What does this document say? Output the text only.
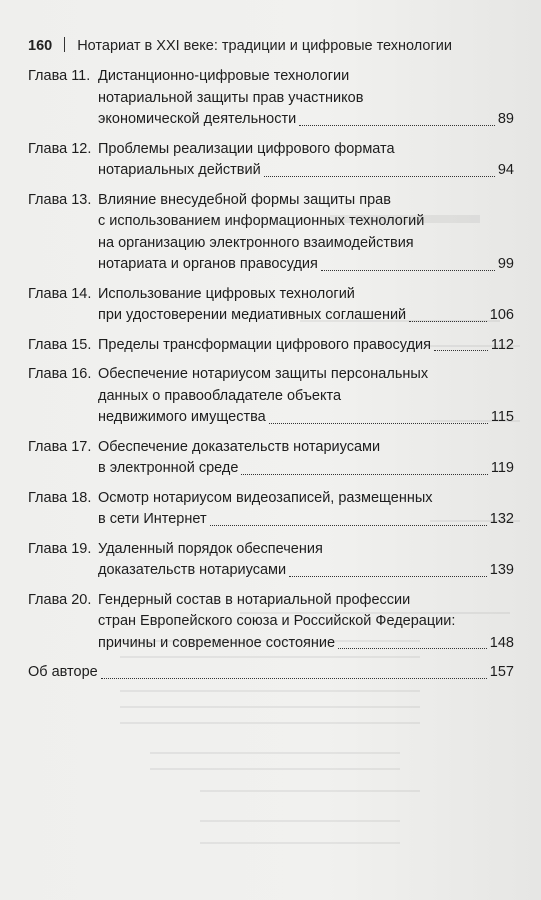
160 Нотариат в XXI веке: традиции и цифровые технологии
Глава 11. Дистанционно-цифровые технологии
нотариальной защиты прав участников
экономической деятельности	89
Глава 12. Проблемы реализации цифрового формата
нотариальных действий	94
Глава 13. Влияние внесудебной формы защиты прав
с использованием информационных технологий
на организацию электронного взаимодействия
нотариата и органов правосудия	99
Глава 14. Использование цифровых технологий
при удостоверении медиативных соглашений	106
Глава 15. Пределы трансформации цифрового правосудия	112
Глава 16. Обеспечение нотариусом защиты персональных
данных о правообладателе объекта
недвижимого имущества	115
Глава 17. Обеспечение доказательств нотариусами
в электронной среде	119
Глава 18. Осмотр нотариусом видеозаписей, размещенных
в сети Интернет	132
Глава 19. Удаленный порядок обеспечения
доказательств нотариусами	139
Глава 20. Гендерный состав в нотариальной профессии
стран Европейского союза и Российской Федерации:
причины и современное состояние	148
Об авторе	157
